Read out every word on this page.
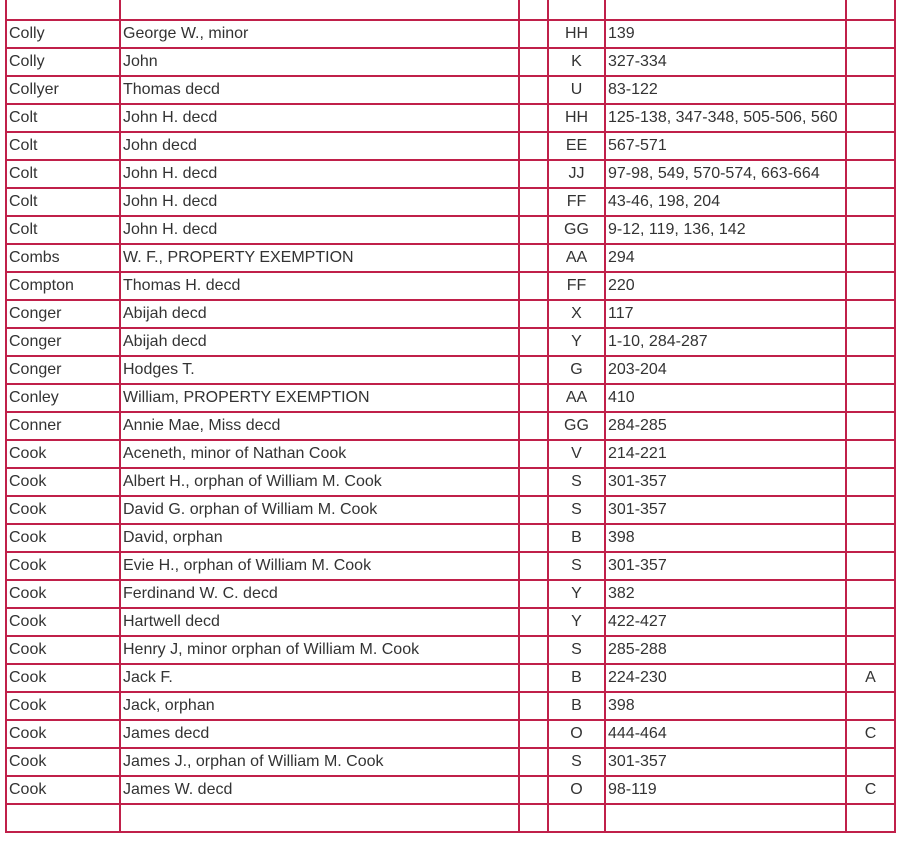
Colly	George W., minor		HH	139	
Colly	John		K	327-334	
Collyer	Thomas decd		U	83-122	
Colt	John H. decd		HH	125-138, 347-348, 505-506, 560	
Colt	John decd		EE	567-571	
Colt	John H. decd		JJ	97-98, 549, 570-574, 663-664	
Colt	John H. decd		FF	43-46, 198, 204	
Colt	John H. decd		GG	9-12, 119, 136, 142	
Combs	W. F., PROPERTY EXEMPTION		AA	294	
Compton	Thomas H. decd		FF	220	
Conger	Abijah decd		X	117	
Conger	Abijah decd		Y	1-10, 284-287	
Conger	Hodges T.		G	203-204	
Conley	William, PROPERTY EXEMPTION		AA	410	
Conner	Annie Mae, Miss decd		GG	284-285	
Cook	Aceneth, minor of Nathan Cook		V	214-221	
Cook	Albert H., orphan of William M. Cook		S	301-357	
Cook	David G. orphan of William M. Cook		S	301-357	
Cook	David, orphan		B	398	
Cook	Evie H., orphan of William M. Cook		S	301-357	
Cook	Ferdinand W. C. decd		Y	382	
Cook	Hartwell decd		Y	422-427	
Cook	Henry J, minor orphan of William M. Cook		S	285-288	
Cook	Jack F.		B	224-230	A
Cook	Jack, orphan		B	398	
Cook	James decd		O	444-464	C
Cook	James J., orphan of William M. Cook		S	301-357	
Cook	James W. decd		O	98-119	C
